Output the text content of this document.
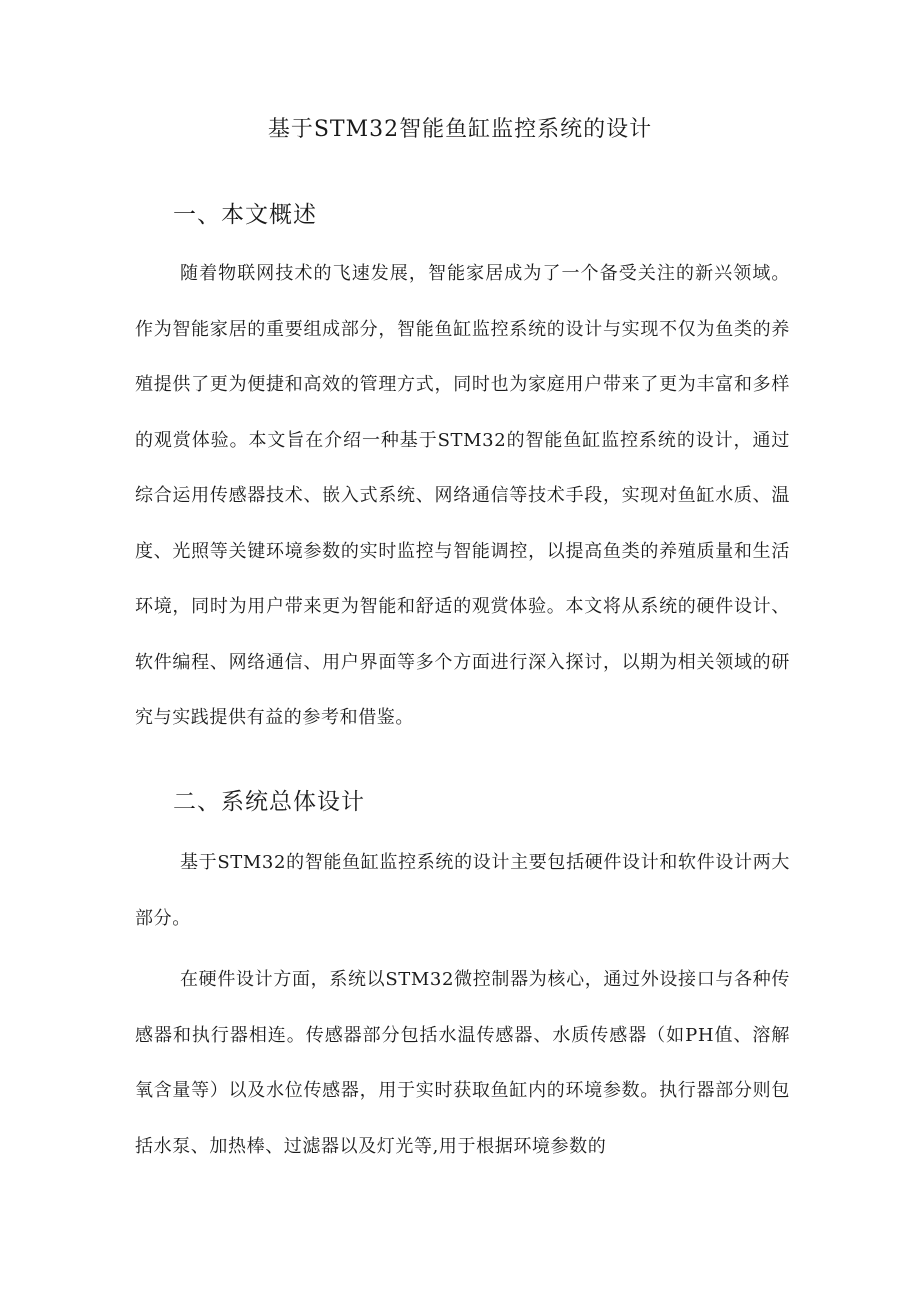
基于STM32智能鱼缸监控系统的设计
一、本文概述

随着物联网技术的飞速发展，智能家居成为了一个备受关注的新兴领域。作为智能家居的重要组成部分，智能鱼缸监控系统的设计与实现不仅为鱼类的养殖提供了更为便捷和高效的管理方式，同时也为家庭用户带来了更为丰富和多样的观赏体验。本文旨在介绍一种基于STM32的智能鱼缸监控系统的设计，通过综合运用传感器技术、嵌入式系统、网络通信等技术手段，实现对鱼缸水质、温度、光照等关键环境参数的实时监控与智能调控，以提高鱼类的养殖质量和生活环境，同时为用户带来更为智能和舒适的观赏体验。本文将从系统的硬件设计、软件编程、网络通信、用户界面等多个方面进行深入探讨，以期为相关领域的研究与实践提供有益的参考和借鉴。

二、系统总体设计

基于STM32的智能鱼缸监控系统的设计主要包括硬件设计和软件设计两大部分。

在硬件设计方面，系统以STM32微控制器为核心，通过外设接口与各种传感器和执行器相连。传感器部分包括水温传感器、水质传感器（如PH值、溶解氧含量等）以及水位传感器，用于实时获取鱼缸内的环境参数。执行器部分则包括水泵、加热棒、过滤器以及灯光等,用于根据环境参数的
